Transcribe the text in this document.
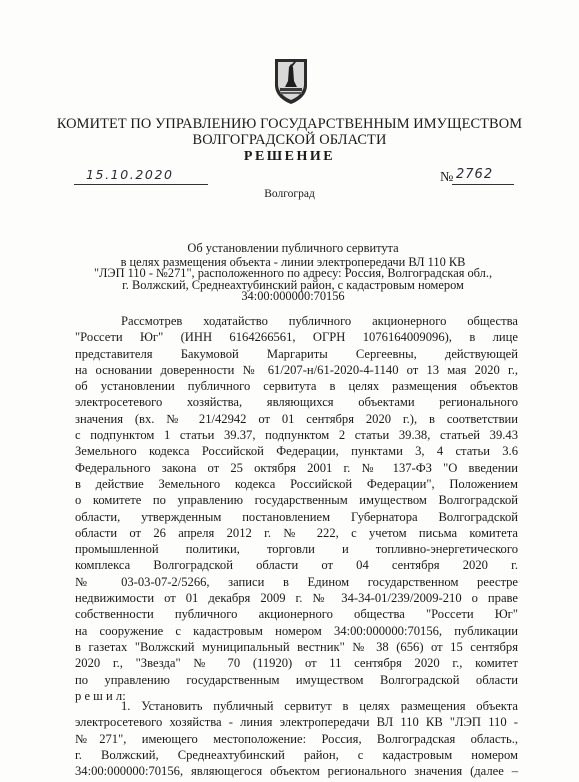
КОМИТЕТ ПО УПРАВЛЕНИЮ ГОСУДАРСТВЕННЫМ ИМУЩЕСТВОМ
ВОЛГОГРАДСКОЙ ОБЛАСТИ
РЕШЕНИЕ
15.10.2020	№ 2762
Волгоград
Об установлении публичного сервитута
в целях размещения объекта - линии электропередачи ВЛ 110 КВ
"ЛЭП 110 - №271", расположенного по адресу: Россия, Волгоградская обл.,
г. Волжский, Среднеахтубинский район, с кадастровым номером
34:00:000000:70156
Рассмотрев ходатайство публичного акционерного общества
"Россети Юг" (ИНН 6164266561, ОГРН 1076164009096), в лице
представителя Бакумовой Маргариты Сергеевны, действующей
на основании доверенности № 61/207-н/61-2020-4-1140 от 13 мая 2020 г.,
об установлении публичного сервитута в целях размещения объектов
электросетевого хозяйства, являющихся объектами регионального
значения (вх. № 21/42942 от 01 сентября 2020 г.), в соответствии
с подпунктом 1 статьи 39.37, подпунктом 2 статьи 39.38, статьей 39.43
Земельного кодекса Российской Федерации, пунктами 3, 4 статьи 3.6
Федерального закона от 25 октября 2001 г. № 137-ФЗ "О введении
в действие Земельного кодекса Российской Федерации", Положением
о комитете по управлению государственным имуществом Волгоградской
области, утвержденным постановлением Губернатора Волгоградской
области от 26 апреля 2012 г. № 222, с учетом письма комитета
промышленной политики, торговли и топливно-энергетического
комплекса Волгоградской области от 04 сентября 2020 г.
№ 03-03-07-2/5266, записи в Едином государственном реестре
недвижимости от 01 декабря 2009 г. № 34-34-01/239/2009-210 о праве
собственности публичного акционерного общества "Россети Юг"
на сооружение с кадастровым номером 34:00:000000:70156, публикации
в газетах "Волжский муниципальный вестник" № 38 (656) от 15 сентября
2020 г., "Звезда" № 70 (11920) от 11 сентября 2020 г., комитет
по управлению государственным имуществом Волгоградской области
р е ш и л:
1. Установить публичный сервитут в целях размещения объекта
электросетевого хозяйства - линия электропередачи ВЛ 110 КВ "ЛЭП 110 -
№271", имеющего местоположение: Россия, Волгоградская область.,
г. Волжский, Среднеахтубинский район, с кадастровым номером
34:00:000000:70156, являющегося объектом регионального значения (далее –
